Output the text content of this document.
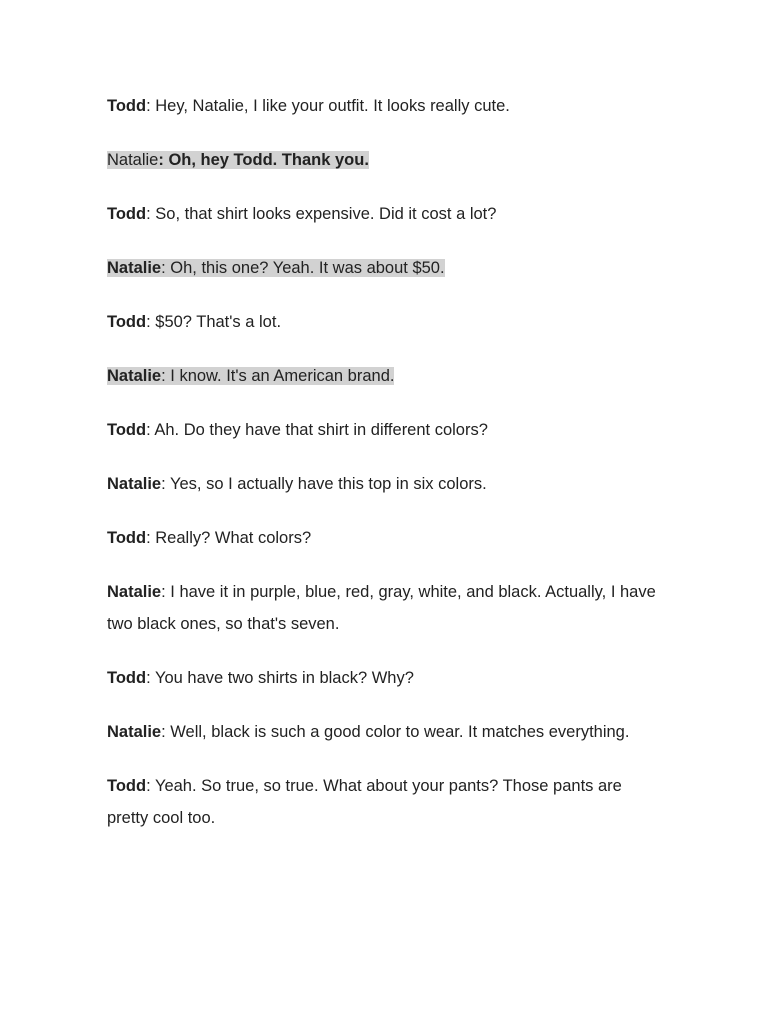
Todd: Hey, Natalie, I like your outfit. It looks really cute.

Natalie: Oh, hey Todd. Thank you.

Todd: So, that shirt looks expensive. Did it cost a lot?

Natalie: Oh, this one? Yeah. It was about $50.

Todd: $50? That's a lot.

Natalie: I know. It's an American brand.

Todd: Ah. Do they have that shirt in different colors?

Natalie: Yes, so I actually have this top in six colors.

Todd: Really? What colors?

Natalie: I have it in purple, blue, red, gray, white, and black. Actually, I have two black ones, so that's seven.

Todd: You have two shirts in black? Why?

Natalie: Well, black is such a good color to wear. It matches everything.

Todd: Yeah. So true, so true. What about your pants? Those pants are pretty cool too.
